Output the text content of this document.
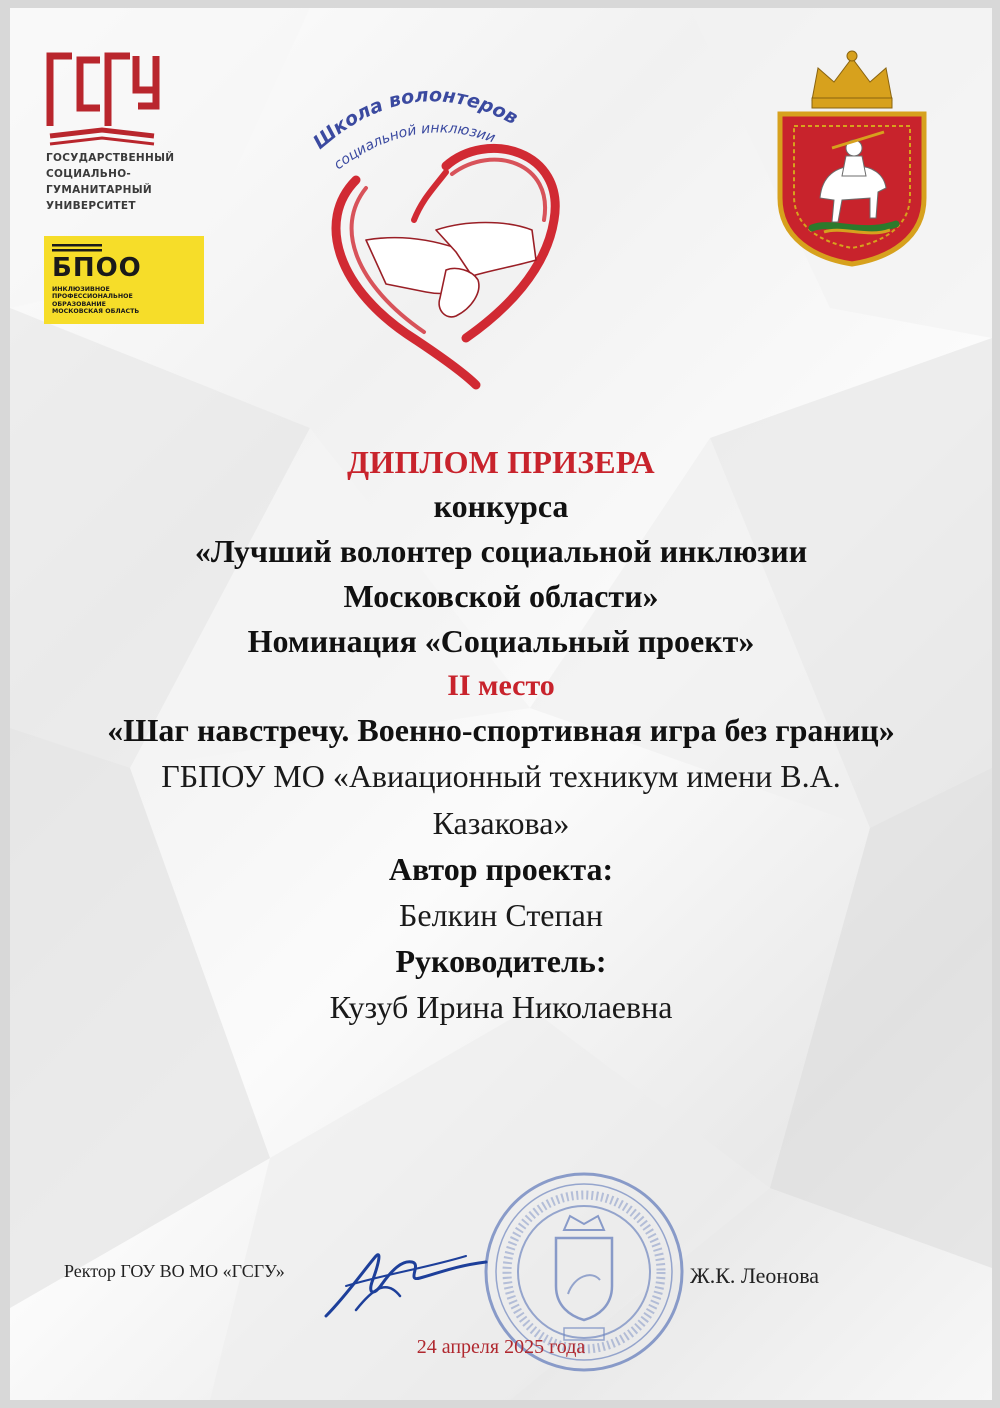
ГОСУДАРСТВЕННЫЙ
СОЦИАЛЬНО-
ГУМАНИТАРНЫЙ
УНИВЕРСИТЕТ
БПОО
ИНКЛЮЗИВНОЕ
ПРОФЕССИОНАЛЬНОЕ
ОБРАЗОВАНИЕ
МОСКОВСКАЯ ОБЛАСТЬ
Школа волонтеров
социальной инклюзии
ДИПЛОМ ПРИЗЕРА
конкурса
«Лучший волонтер социальной инклюзии
Московской области»
Номинация «Социальный проект»
II место
«Шаг навстречу. Военно-спортивная игра без границ»
ГБПОУ МО «Авиационный техникум имени В.А.
Казакова»
Автор проекта:
Белкин Степан
Руководитель:
Кузуб Ирина Николаевна
Ректор ГОУ ВО МО «ГСГУ»	Ж.К. Леонова
24 апреля 2025 года
